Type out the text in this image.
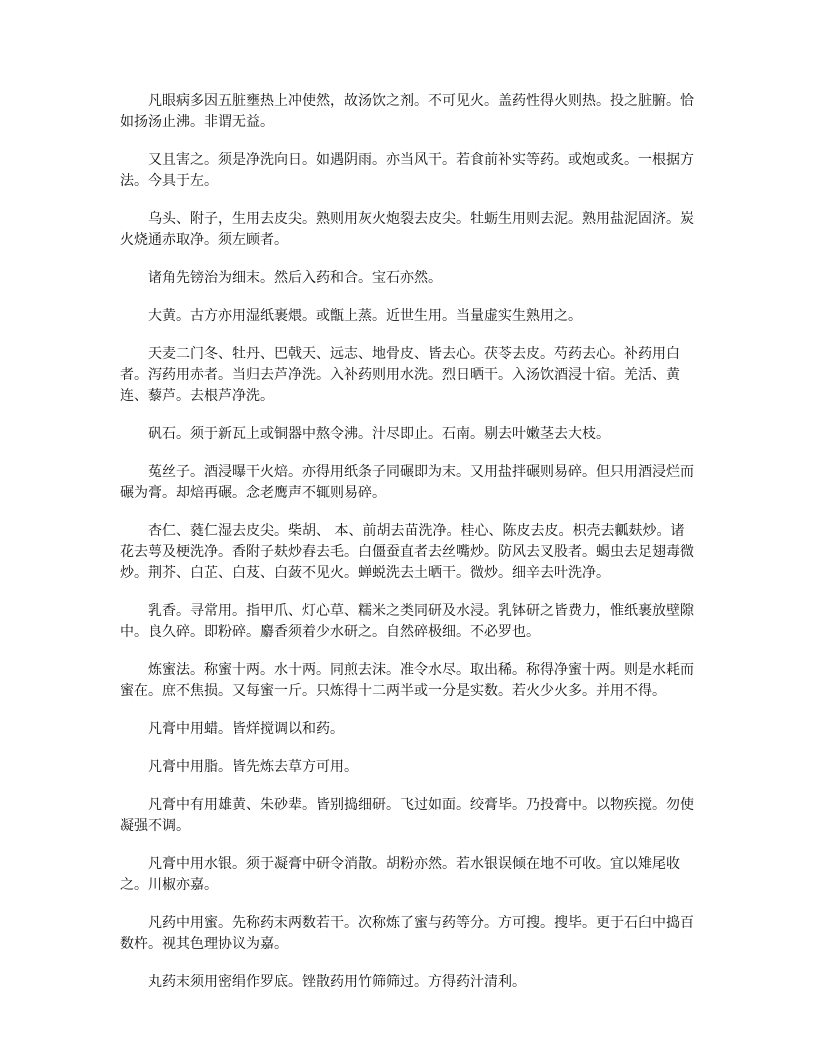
凡眼病多因五脏壅热上冲使然，故汤饮之剂。不可见火。盖药性得火则热。投之脏腑。恰如扬汤止沸。非谓无益。

又且害之。须是净洗向日。如遇阴雨。亦当风干。若食前补实等药。或炮或炙。一根据方法。今具于左。

乌头、附子，生用去皮尖。熟则用灰火炮裂去皮尖。牡蛎生用则去泥。熟用盐泥固济。炭火烧通赤取净。须左顾者。

诸角先镑治为细末。然后入药和合。宝石亦然。

大黄。古方亦用湿纸裹煨。或甑上蒸。近世生用。当量虚实生熟用之。

天麦二门冬、牡丹、巴戟天、远志、地骨皮、皆去心。茯苓去皮。芍药去心。补药用白者。泻药用赤者。当归去芦净洗。入补药则用水洗。烈日晒干。入汤饮酒浸十宿。羌活、黄连、藜芦。去根芦净洗。

矾石。须于新瓦上或铜器中熬令沸。汁尽即止。石南。剔去叶嫩茎去大枝。

菟丝子。酒浸曝干火焙。亦得用纸条子同碾即为末。又用盐拌碾则易碎。但只用酒浸烂而碾为膏。却焙再碾。念老鹰声不辄则易碎。

杏仁、蕤仁湿去皮尖。柴胡、 本、前胡去苗洗净。桂心、陈皮去皮。枳壳去瓤麸炒。诸花去萼及梗洗净。香附子麸炒舂去毛。白僵蚕直者去丝嘴炒。防风去叉股者。蝎虫去足翅毒微炒。荆芥、白芷、白芨、白蔹不见火。蝉蜕洗去土晒干。微炒。细辛去叶洗净。

乳香。寻常用。指甲爪、灯心草、糯米之类同研及水浸。乳钵研之皆费力，惟纸裹放壁隙中。良久碎。即粉碎。麝香须着少水研之。自然碎极细。不必罗也。

炼蜜法。称蜜十两。水十两。同煎去沫。准令水尽。取出稀。称得净蜜十两。则是水耗而蜜在。庶不焦损。又每蜜一斤。只炼得十二两半或一分是实数。若火少火多。并用不得。

凡膏中用蜡。皆烊搅调以和药。

凡膏中用脂。皆先炼去草方可用。

凡膏中有用雄黄、朱砂辈。皆别捣细研。飞过如面。绞膏毕。乃投膏中。以物疾搅。勿使凝强不调。

凡膏中用水银。须于凝膏中研令消散。胡粉亦然。若水银误倾在地不可收。宜以雉尾收之。川椒亦嘉。

凡药中用蜜。先称药末两数若干。次称炼了蜜与药等分。方可搜。搜毕。更于石臼中捣百数杵。视其色理协议为嘉。

丸药末须用密绢作罗底。锉散药用竹筛筛过。方得药汁清利。
